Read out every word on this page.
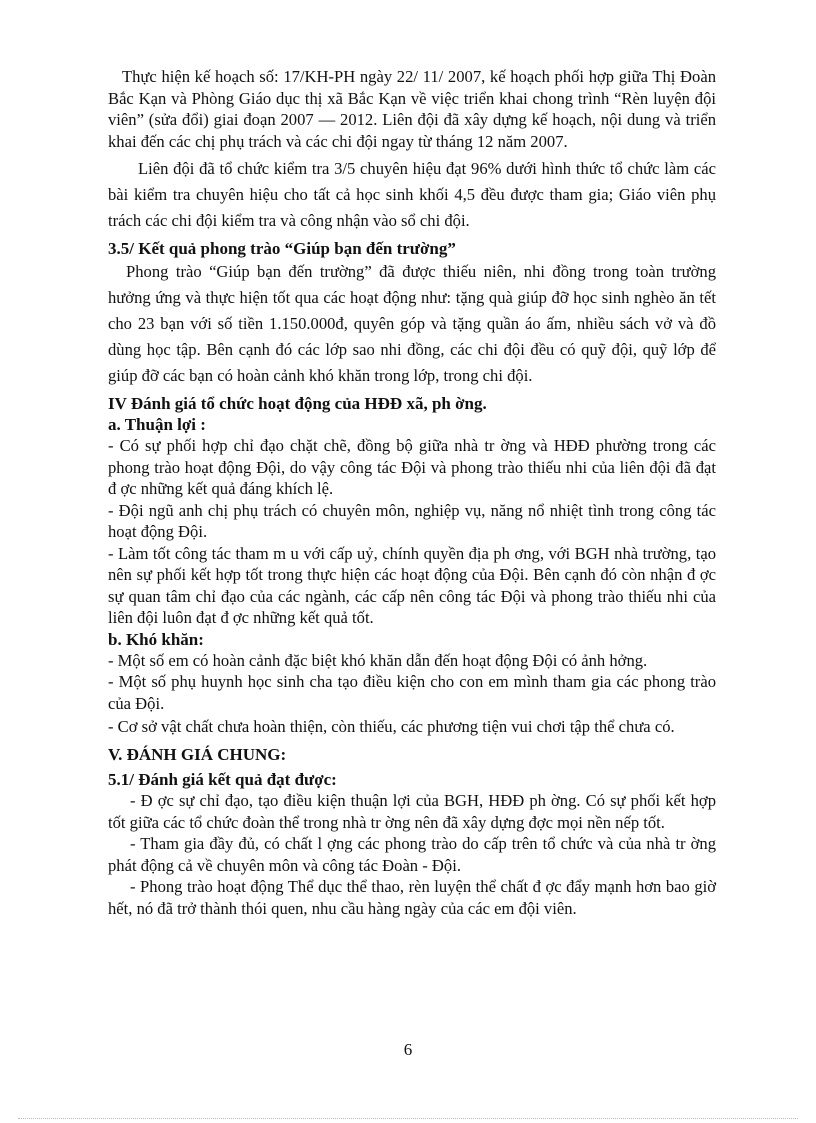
Thực hiện kế hoạch số: 17/KH-PH ngày 22/ 11/ 2007, kế hoạch phối hợp giữa Thị Đoàn Bắc Kạn và Phòng Giáo dục thị xã Bắc Kạn về việc triển khai chong trình “Rèn luyện đội viên” (sửa đổi) giai đoạn 2007 — 2012. Liên đội đã xây dựng kế hoạch, nội dung và triển khai đến các chị phụ trách và các chi đội ngay từ tháng 12 năm 2007.

Liên đội đã tổ chức kiểm tra 3/5 chuyên hiệu đạt 96% dưới hình thức tổ chức làm các bài kiểm tra chuyên hiệu cho tất cả học sinh khối 4,5 đều được tham gia; Giáo viên phụ trách các chi đội kiểm tra và công nhận vào sổ chi đội.

3.5/ Kết quả phong trào “Giúp bạn đến trường”

Phong trào “Giúp bạn đến trường” đã được thiếu niên, nhi đồng trong toàn trường hưởng ứng và thực hiện tốt qua các hoạt động như: tặng quà giúp đỡ học sinh nghèo ăn tết cho 23 bạn với số tiền 1.150.000đ, quyên góp và tặng quần áo ấm, nhiều sách vở và đồ dùng học tập. Bên cạnh đó các lớp sao nhi đồng, các chi đội đều có quỹ đội, quỹ lớp để giúp đỡ các bạn có hoàn cảnh khó khăn trong lớp, trong chi đội.

IV Đánh giá tổ chức hoạt động của HĐĐ xã, ph ờng.
a. Thuận lợi :

- Có sự phối hợp chỉ đạo chặt chẽ, đồng bộ giữa nhà tr ờng và HĐĐ phường trong các phong trào hoạt động Đội, do vậy công tác Đội và phong trào thiếu nhi của liên đội đã đạt đ ợc những kết quả đáng khích lệ.

- Đội ngũ anh chị phụ trách có chuyên môn, nghiệp vụ, năng nổ nhiệt tình trong công tác hoạt động Đội.

- Làm tốt công tác tham m u với cấp uỷ, chính quyền địa ph ơng, với BGH nhà trường, tạo nên sự phối kết hợp tốt trong thực hiện các hoạt động của Đội. Bên cạnh đó còn nhận đ ợc sự quan tâm chỉ đạo của các ngành, các cấp nên công tác Đội và phong trào thiếu nhi của liên đội luôn đạt đ ợc những kết quả tốt.

b. Khó khăn:

- Một số em có hoàn cảnh đặc biệt khó khăn dẫn đến hoạt động Đội có ảnh hởng.

- Một số phụ huynh học sinh cha tạo điều kiện cho con em mình tham gia các phong trào của Đội.

- Cơ sở vật chất chưa hoàn thiện, còn thiếu, các phương tiện vui chơi tập thể chưa có.

V. ĐÁNH GIÁ CHUNG:
5.1/ Đánh giá kết quả đạt được:

- Đ ợc sự chỉ đạo, tạo điều kiện thuận lợi của BGH, HĐĐ ph ờng. Có sự phối kết hợp tốt giữa các tổ chức đoàn thể trong nhà tr ờng nên đã xây dựng đợc mọi nền nếp tốt.

- Tham gia đầy đủ, có chất l ợng các phong trào do cấp trên tổ chức và của nhà tr ờng phát động cả về chuyên môn và công tác Đoàn - Đội.

- Phong trào hoạt động Thể dục thể thao, rèn luyện thể chất đ ợc đẩy mạnh hơn bao giờ hết, nó đã trở thành thói quen, nhu cầu hàng ngày của các em đội viên.

6
